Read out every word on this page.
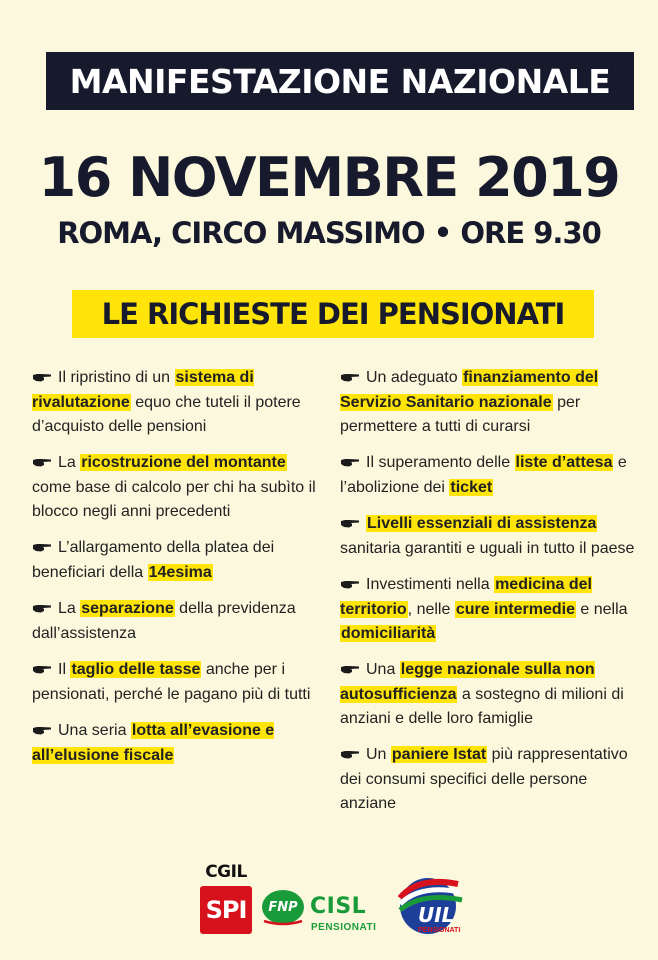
MANIFESTAZIONE NAZIONALE
16 NOVEMBRE 2019
ROMA, CIRCO MASSIMO • ORE 9.30
LE RICHIESTE DEI PENSIONATI
Il ripristino di un sistema di rivalutazione equo che tuteli il potere d’acquisto delle pensioni
La ricostruzione del montante come base di calcolo per chi ha subìto il blocco negli anni precedenti
L’allargamento della platea dei beneficiari della 14esima
La separazione della previdenza dall’assistenza
Il taglio delle tasse anche per i pensionati, perché le pagano più di tutti
Una seria lotta all’evasione e all’elusione fiscale
Un adeguato finanziamento del Servizio Sanitario nazionale per permettere a tutti di curarsi
Il superamento delle liste d’attesa e l’abolizione dei ticket
Livelli essenziali di assistenza sanitaria garantiti e uguali in tutto il paese
Investimenti nella medicina del territorio, nelle cure intermedie e nella domiciliarità
Una legge nazionale sulla non autosufficienza a sostegno di milioni di anziani e delle loro famiglie
Un paniere Istat più rappresentativo dei consumi specifici delle persone anziane
CGIL
SPI	FNP CISL
PENSIONATI
UIL
PENSIONATI
